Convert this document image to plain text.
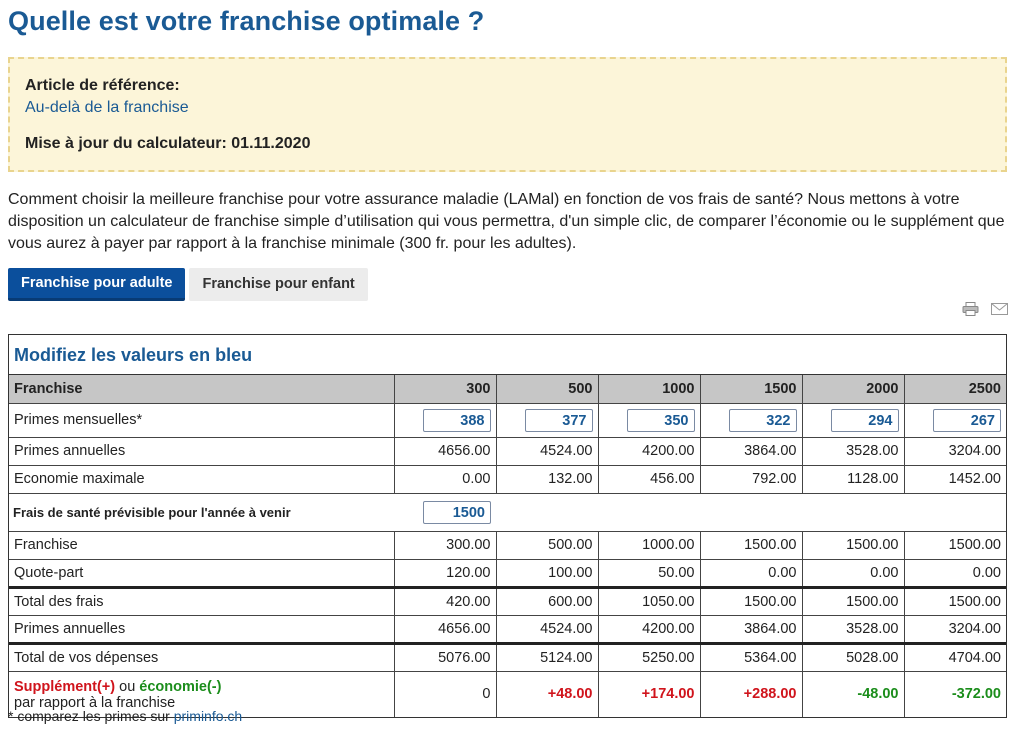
Quelle est votre franchise optimale ?
Article de référence:
Au-delà de la franchise
Mise à jour du calculateur: 01.11.2020
Comment choisir la meilleure franchise pour votre assurance maladie (LAMal) en fonction de vos frais de santé? Nous mettons à votre disposition un calculateur de franchise simple d’utilisation qui vous permettra, d'un simple clic, de comparer l’économie ou le supplément que vous aurez à payer par rapport à la franchise minimale (300 fr. pour les adultes).
Franchise pour adulte	Franchise pour enfant
Modifiez les valeurs en bleu
Franchise	300	500	1000	1500	2000	2500
Primes mensuelles*	388	377	350	322	294	267
Primes annuelles	4656.00	4524.00	4200.00	3864.00	3528.00	3204.00
Economie maximale	0.00	132.00	456.00	792.00	1128.00	1452.00
Frais de santé prévisible pour l'année à venir	1500					
Franchise	300.00	500.00	1000.00	1500.00	1500.00	1500.00
Quote-part	120.00	100.00	50.00	0.00	0.00	0.00
Total des frais	420.00	600.00	1050.00	1500.00	1500.00	1500.00
Primes annuelles	4656.00	4524.00	4200.00	3864.00	3528.00	3204.00
Total de vos dépenses	5076.00	5124.00	5250.00	5364.00	5028.00	4704.00
Supplément(+) ou économie(-)
par rapport à la franchise	0	+48.00	+174.00	+288.00	-48.00	-372.00
* comparez les primes sur priminfo.ch
